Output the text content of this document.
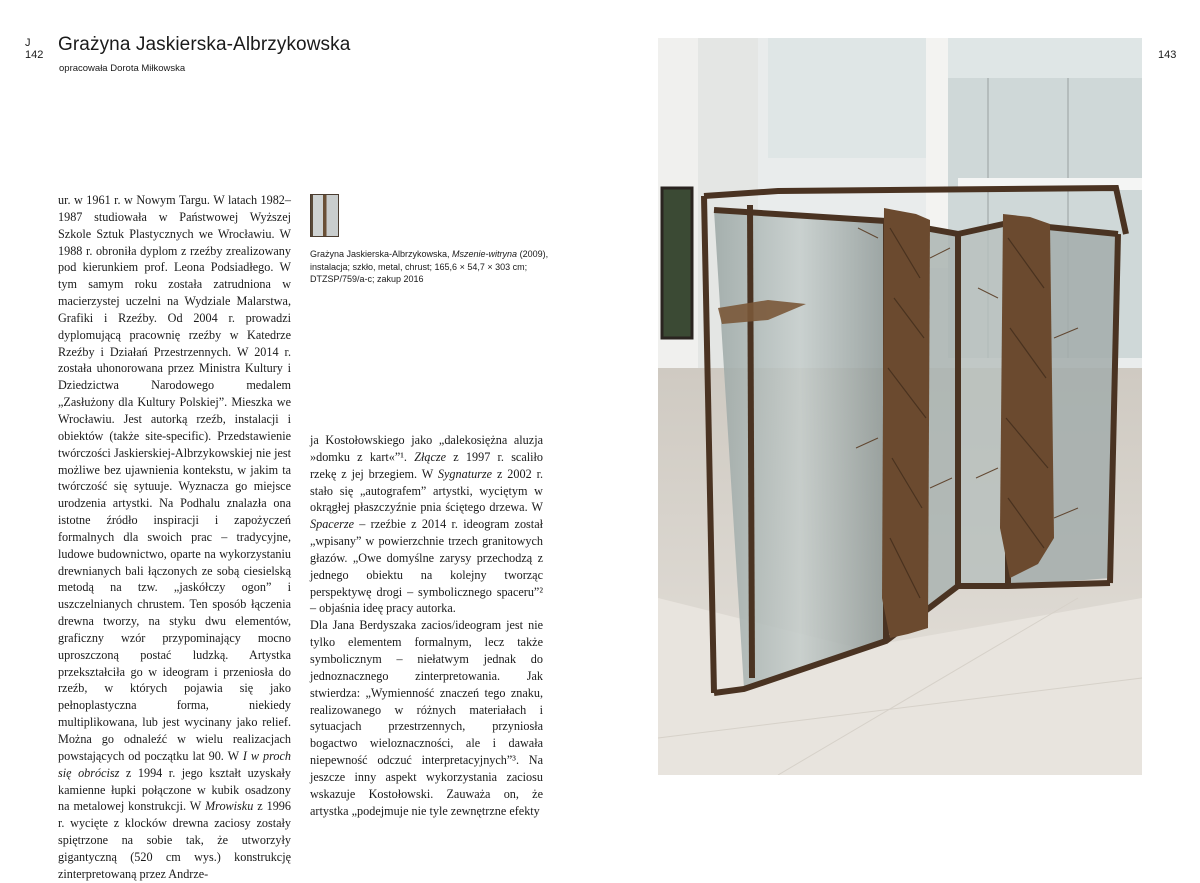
J
142 Grażyna Jaskierska-Albrzykowska
opracowała Dorota Miłkowska
143

ur. w 1961 r. w Nowym Targu. W latach 1982–1987 studiowała w Państwowej Wyższej Szkole Sztuk Plastycznych we Wrocławiu. W 1988 r. obroniła dyplom z rzeźby zrealizowany pod kierunkiem prof. Leona Podsiadłego. W tym samym roku została zatrudniona w macierzystej uczelni na Wydziale Malarstwa, Grafiki i Rzeźby. Od 2004 r. prowadzi dyplomującą pracownię rzeźby w Katedrze Rzeźby i Działań Przestrzennych. W 2014 r. została uhonorowana przez Ministra Kultury i Dziedzictwa Narodowego medalem „Zasłużony dla Kultury Polskiej”. Mieszka we Wrocławiu. Jest autorką rzeźb, instalacji i obiektów (także site-specific). Przedstawienie twórczości Jaskierskiej-Albrzykowskiej nie jest możliwe bez ujawnienia kontekstu, w jakim ta twórczość się sytuuje. Wyznacza go miejsce urodzenia artystki. Na Podhalu znalazła ona istotne źródło inspiracji i zapożyczeń formalnych dla swoich prac – tradycyjne, ludowe budownictwo, oparte na wykorzystaniu drewnianych bali łączonych ze sobą ciesielską metodą na tzw. „jaskółczy ogon” i uszczelnianych chrustem. Ten sposób łączenia drewna tworzy, na styku dwu elementów, graficzny wzór przypominający mocno uproszczoną postać ludzką. Artystka przekształciła go w ideogram i przeniosła do rzeźb, w których pojawia się jako pełnoplastyczna forma, niekiedy multiplikowana, lub jest wycinany jako relief. Można go odnaleźć w wielu realizacjach powstających od początku lat 90. W I w proch się obrócisz z 1994 r. jego kształt uzyskały kamienne łupki połączone w kubik osadzony na metalowej konstrukcji. W Mrowisku z 1996 r. wycięte z klocków drewna zaciosy zostały spiętrzone na sobie tak, że utworzyły gigantyczną (520 cm wys.) konstrukcję zinterpretowaną przez Andrze-

Grażyna Jaskierska-Albrzykowska, Mszenie-witryna (2009),
instalacja; szkło, metal, chrust; 165,6 × 54,7 × 303 cm;
DTZSP/759/a-c; zakup 2016

ja Kostołowskiego jako „dalekosiężna aluzja »domku z kart«”¹. Złącze z 1997 r. scaliło rzekę z jej brzegiem. W Sygnaturze z 2002 r. stało się „autografem” artystki, wyciętym w okrągłej płaszczyźnie pnia ściętego drzewa. W Spacerze – rzeźbie z 2014 r. ideogram został „wpisany” w powierzchnie trzech granitowych głazów. „Owe domyślne zarysy przechodzą z jednego obiektu na kolejny tworząc perspektywę drogi – symbolicznego spaceru”² – objaśnia ideę pracy autorka.

Dla Jana Berdyszaka zacios/ideogram jest nie tylko elementem formalnym, lecz także symbolicznym – niełatwym jednak do jednoznacznego zinterpretowania. Jak stwierdza: „Wymienność znaczeń tego znaku, realizowanego w różnych materiałach i sytuacjach przestrzennych, przyniosła bogactwo wieloznaczności, ale i dawała niepewność odczuć interpretacyjnych”³. Na jeszcze inny aspekt wykorzystania zaciosu wskazuje Kostołowski. Zauważa on, że artystka „podejmuje nie tyle zewnętrzne efekty
